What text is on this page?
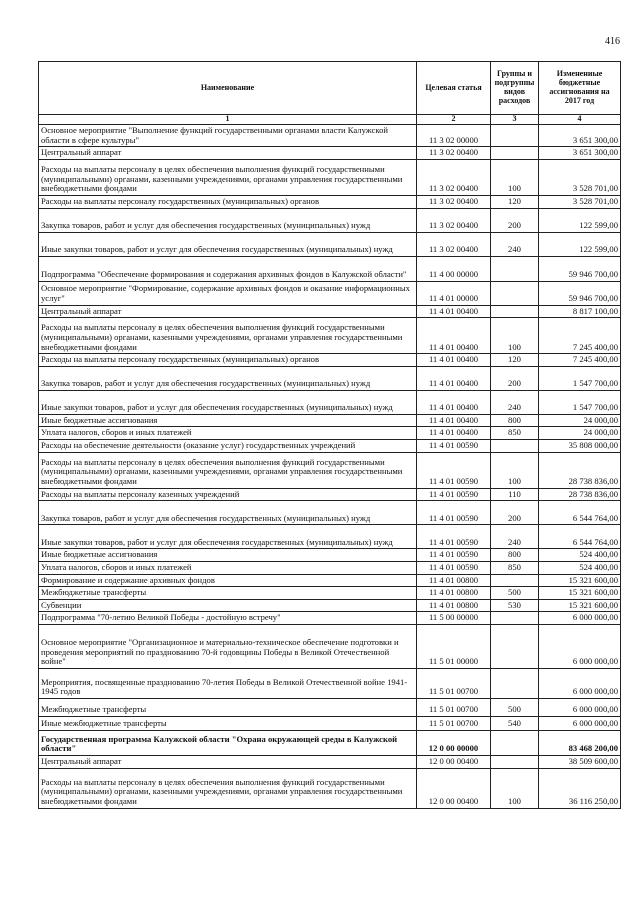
416
Наименование	Целевая статья	Группы и подгруппы видов расходов	Изменениые бюджетные ассигнования на 2017 год
1	2	3	4
Основное мероприятие "Выполнение функций государственными органами власти Калужской области в сфере культуры"	11 3 02 00000		3 651 300,00
Центральный аппарат	11 3 02 00400		3 651 300,00
Расходы на выплаты персоналу в целях обеспечения выполнения функций государственными (муниципальными) органами, казенными учреждениями, органами управления государственными внебюджетными фондами	11 3 02 00400	100	3 528 701,00
Расходы на выплаты персоналу государственных (муниципальных) органов	11 3 02 00400	120	3 528 701,00
Закупка товаров, работ и услуг для обеспечения государственных (муниципальных) нужд	11 3 02 00400	200	122 599,00
Иные закупки товаров, работ и услуг для обеспечения государственных (муниципальных) нужд	11 3 02 00400	240	122 599,00
Подпрограмма "Обеспечение формирования и содержания архивных фондов в Калужской области"	11 4 00 00000		59 946 700,00
Основное мероприятие "Формирование, содержание архивных фондов и оказание информационных услуг"	11 4 01 00000		59 946 700,00
Центральный аппарат	11 4 01 00400		8 817 100,00
Расходы на выплаты персоналу в целях обеспечения выполнения функций государственными (муниципальными) органами, казенными учреждениями, органами управления государственными внебюджетными фондами	11 4 01 00400	100	7 245 400,00
Расходы на выплаты персоналу государственных (муниципальных) органов	11 4 01 00400	120	7 245 400,00
Закупка товаров, работ и услуг для обеспечения государственных (муниципальных) нужд	11 4 01 00400	200	1 547 700,00
Иные закупки товаров, работ и услуг для обеспечения государственных (муниципальных) нужд	11 4 01 00400	240	1 547 700,00
Иные бюджетные ассигнования	11 4 01 00400	800	24 000,00
Уплата налогов, сборов и иных платежей	11 4 01 00400	850	24 000,00
Расходы на обеспечение деятельности (оказание услуг) государственных учреждений	11 4 01 00590		35 808 000,00
Расходы на выплаты персоналу в целях обеспечения выполнения функций государственными (муниципальными) органами, казенными учреждениями, органами управления государственными внебюджетными фондами	11 4 01 00590	100	28 738 836,00
Расходы на выплаты персоналу казенных учреждений	11 4 01 00590	110	28 738 836,00
Закупка товаров, работ и услуг для обеспечения государственных (муниципальных) нужд	11 4 01 00590	200	6 544 764,00
Иные закупки товаров, работ и услуг для обеспечения государственных (муниципальных) нужд	11 4 01 00590	240	6 544 764,00
Иные бюджетные ассигнования	11 4 01 00590	800	524 400,00
Уплата налогов, сборов и иных платежей	11 4 01 00590	850	524 400,00
Формирование и содержание архивных фондов	11 4 01 00800		15 321 600,00
Межбюджетные трансферты	11 4 01 00800	500	15 321 600,00
Субвенции	11 4 01 00800	530	15 321 600,00
Подпрограмма "70-летию Великой Победы - достойную встречу"	11 5 00 00000		6 000 000,00
Основное мероприятие "Организационное и материально-техническое обеспечение подготовки и проведения мероприятий по празднованию 70-й годовщины Победы в Великой Отечественной войне"	11 5 01 00000		6 000 000,00
Мероприятия, посвященные празднованию 70-летия Победы в Великой Отечественной войне 1941-1945 годов	11 5 01 00700		6 000 000,00
Межбюджетные трансферты	11 5 01 00700	500	6 000 000,00
Иные межбюджетные трансферты	11 5 01 00700	540	6 000 000,00
Государственная программа Калужской области "Охрана окружающей среды в Калужской области"	12 0 00 00000		83 468 200,00
Центральный аппарат	12 0 00 00400		38 509 600,00
Расходы на выплаты персоналу в целях обеспечения выполнения функций государственными (муниципальными) органами, казенными учреждениями, органами управления государственными внебюджетными фондами	12 0 00 00400	100	36 116 250,00
